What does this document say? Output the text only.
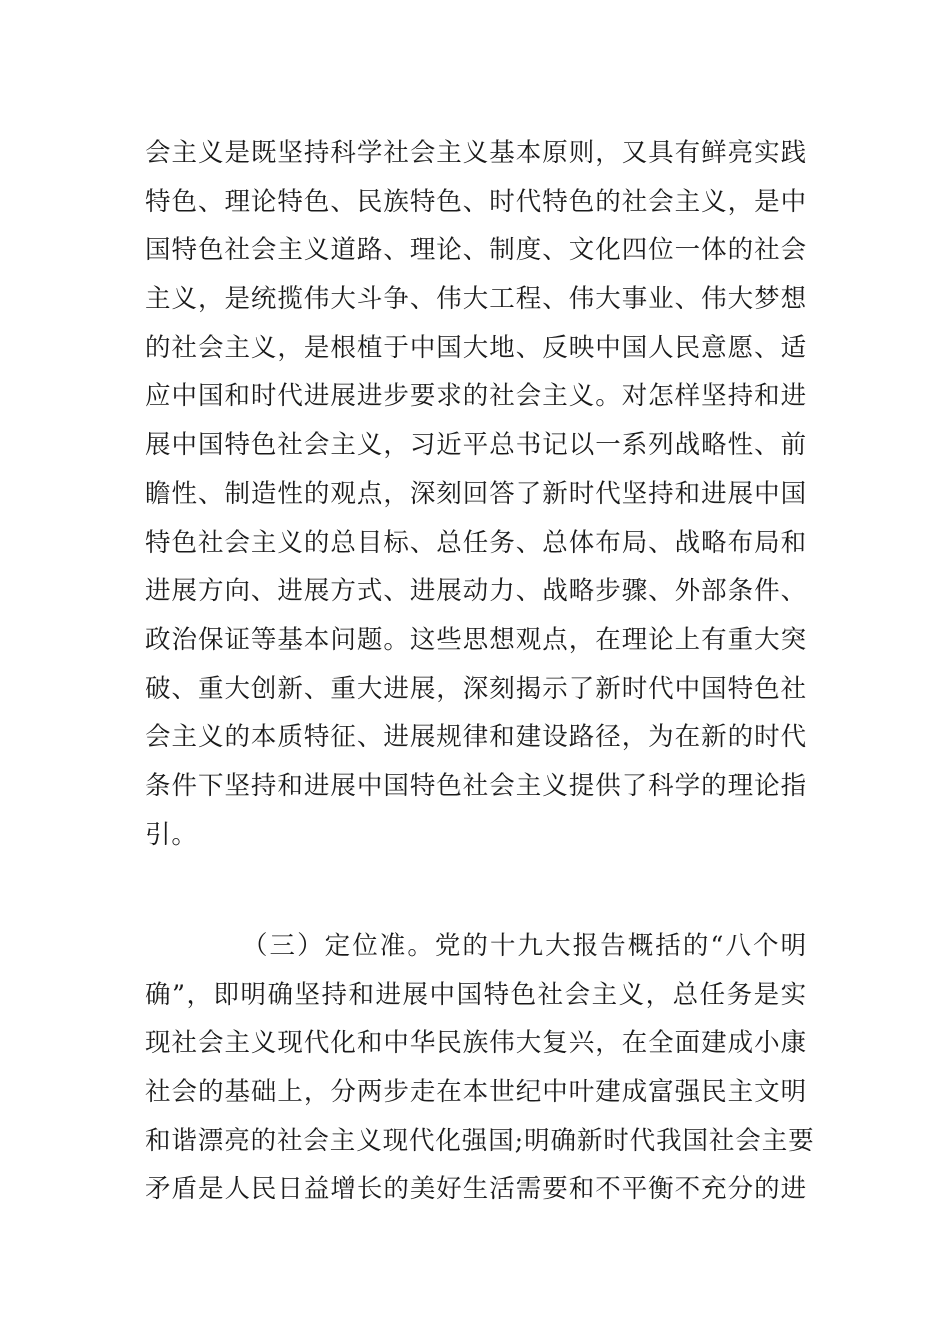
会主义是既坚持科学社会主义基本原则，又具有鲜亮实践
特色、理论特色、民族特色、时代特色的社会主义，是中
国特色社会主义道路、理论、制度、文化四位一体的社会
主义，是统揽伟大斗争、伟大工程、伟大事业、伟大梦想
的社会主义，是根植于中国大地、反映中国人民意愿、适
应中国和时代进展进步要求的社会主义。对怎样坚持和进
展中国特色社会主义，习近平总书记以一系列战略性、前
瞻性、制造性的观点，深刻回答了新时代坚持和进展中国
特色社会主义的总目标、总任务、总体布局、战略布局和
进展方向、进展方式、进展动力、战略步骤、外部条件、
政治保证等基本问题。这些思想观点，在理论上有重大突
破、重大创新、重大进展，深刻揭示了新时代中国特色社
会主义的本质特征、进展规律和建设路径，为在新的时代
条件下坚持和进展中国特色社会主义提供了科学的理论指
引。
（三）定位准。党的十九大报告概括的“八个明
确”，即明确坚持和进展中国特色社会主义，总任务是实
现社会主义现代化和中华民族伟大复兴，在全面建成小康
社会的基础上，分两步走在本世纪中叶建成富强民主文明
和谐漂亮的社会主义现代化强国;明确新时代我国社会主要
矛盾是人民日益增长的美好生活需要和不平衡不充分的进
